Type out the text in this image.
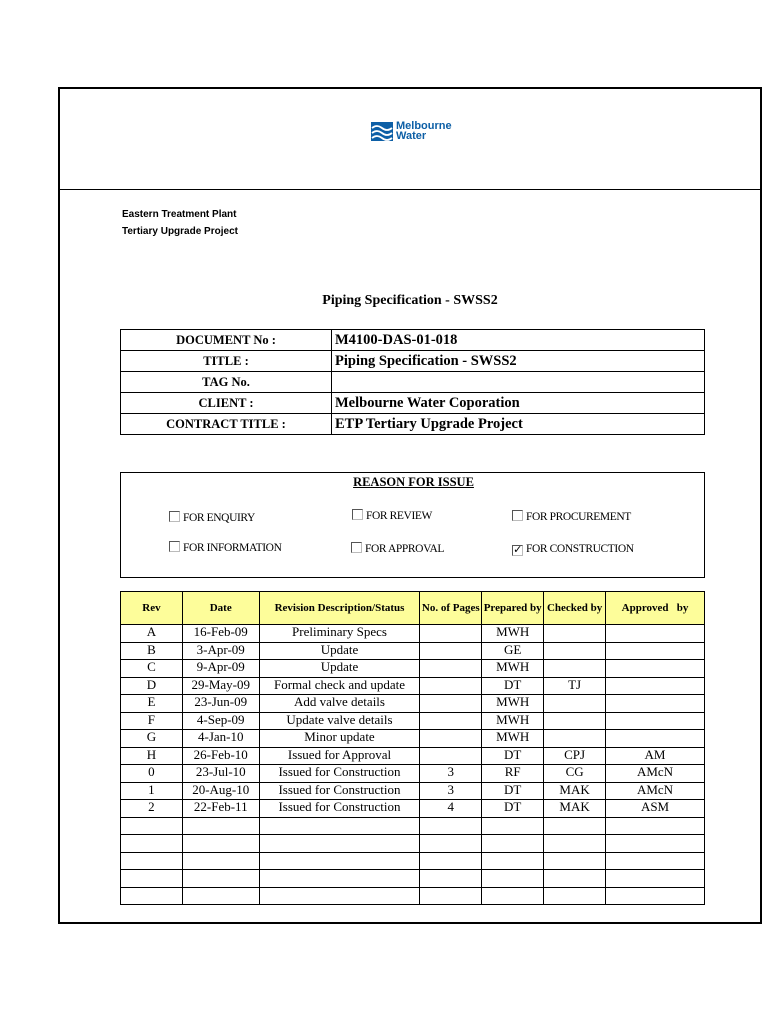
Melbourne
Water
Eastern Treatment Plant
Tertiary Upgrade Project
Piping Specification - SWSS2
DOCUMENT No :	M4100-DAS-01-018
TITLE :	Piping Specification - SWSS2
TAG No.	
CLIENT :	Melbourne Water Coporation
CONTRACT TITLE :	ETP Tertiary Upgrade Project
REASON FOR ISSUE
FOR ENQUIRY	FOR REVIEW	FOR PROCUREMENT
FOR INFORMATION	FOR APPROVAL	✓ FOR CONSTRUCTION
Rev	Date	Revision Description/Status	No. of Pages	Prepared by	Checked by	Approved   by
A	16-Feb-09	Preliminary Specs		MWH		
B	3-Apr-09	Update		GE		
C	9-Apr-09	Update		MWH		
D	29-May-09	Formal check and update		DT	TJ	
E	23-Jun-09	Add valve details		MWH		
F	4-Sep-09	Update valve details		MWH		
G	4-Jan-10	Minor update		MWH		
H	26-Feb-10	Issued for Approval		DT	CPJ	AM
0	23-Jul-10	Issued for Construction	3	RF	CG	AMcN
1	20-Aug-10	Issued for Construction	3	DT	MAK	AMcN
2	22-Feb-11	Issued for Construction	4	DT	MAK	ASM
